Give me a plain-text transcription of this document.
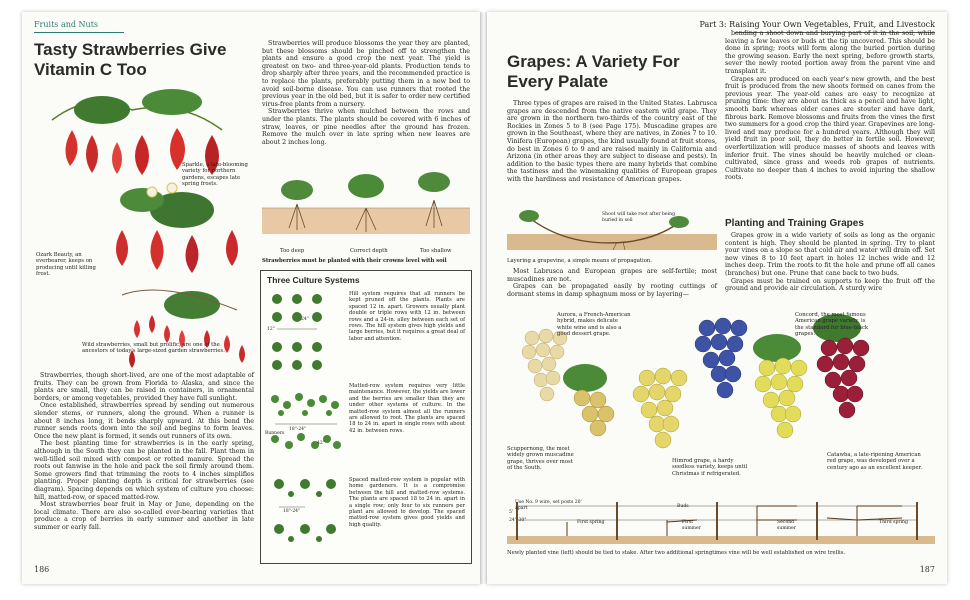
Fruits and Nuts
Tasty Strawberries Give Vitamin C Too
Sparkle, a late-blooming variety for northern gardens, escapes late spring frosts.
Ozark Beauty, an everbearer, keeps on producing until killing frost.
Wild strawberries, small but prolific, are one of the ancestors of today's large-sized garden strawberries.

Strawberries, though short-lived, are one of the most adaptable of fruits. They can be grown from Florida to Alaska, and since the plants are small, they can be raised in containers, in ornamental borders, or among vegetables, provided they have full sunlight.

Once established, strawberries spread by sending out numerous slender stems, or runners, along the ground. When a runner is about 8 inches long, it bends sharply upward. At this bend the runner sends roots down into the soil and begins to form leaves. Once the new plant is formed, it sends out runners of its own.

The best planting time for strawberries is in the early spring, although in the South they can be planted in the fall. Plant them in well-tilled soil mixed with compost or rotted manure. Spread the roots out fanwise in the hole and pack the soil firmly around them. Some growers find that trimming the roots to 4 inches simplifies planting. Proper planting depth is critical for strawberries (see diagram). Spacing depends on which system of culture you choose: hill, matted-row, or spaced matted-row.

Most strawberries bear fruit in May or June, depending on the local climate. There are also so-called ever-bearing varieties that produce a crop of berries in early summer and another in late summer or early fall.

Strawberries will produce blossoms the year they are planted, but these blossoms should be pinched off to strengthen the plants and ensure a good crop the next year. The yield is greatest on two- and three-year-old plants. Production tends to drop sharply after three years, and the recommended practice is to replace the plants, preferably putting them in a new bed to avoid soil-borne disease. You can use runners that rooted the previous year in the old bed, but it is safer to order new certified virus-free plants from a nursery.

Strawberries thrive when mulched between the rows and under the plants. The plants should be covered with 6 inches of straw, leaves, or pine needles after the ground has frozen. Remove the mulch over in late spring when new leaves are about 2 inches long.

Too deep	Correct depth	Too shallow
Strawberries must be planted with their crowns level with soil
Three Culture Systems
12"
24"
18"-24"
42"
18"-24"
Runners

Hill system requires that all runners be kept pruned off the plants. Plants are spaced 12 in. apart. Growers usually plant double or triple rows with 12 in. between rows and a 24-in. alley between each set of rows. The hill system gives high yields and large berries, but it requires a great deal of labor and attention.

Matted-row system requires very little maintenance. However, the yields are lower and the berries are smaller than they are under other systems of culture. In the matted-row system almost all the runners are allowed to root. The plants are spaced 18 to 24 in. apart in single rows with about 42 in. between rows.

Spaced matted-row system is popular with home gardeners. It is a compromise between the hill and matted-row systems. The plants are spaced 18 to 24 in. apart in a single row; only four to six runners per plant are allowed to develop. The spaced matted-row system gives good yields and high quality.

186
Part 3: Raising Your Own Vegetables, Fruit, and Livestock
Grapes: A Variety For Every Palate

Three types of grapes are raised in the United States. Labrusca grapes are descended from the native eastern wild grape. They are grown in the northern two-thirds of the country east of the Rockies in Zones 5 to 8 (see Page 175). Muscadine grapes are grown in the Southeast, where they are natives, in Zones 7 to 10. Vinifera (European) grapes, the kind usually found at fruit stores, do best in Zones 6 to 9 and are raised mainly in California and Arizona (in other areas they are subject to disease and pests). In addition to the basic types there are many hybrids that combine the tastiness and the winemaking qualities of European grapes with the hardiness and resistance of American grapes.

Shoot will take root after being buried in soil
Layering a grapevine, a simple means of propagation.

Most Labrusca and European grapes are self-fertile; most muscadines are not.

Grapes can be propagated easily by rooting cuttings of dormant stems in damp sphagnum moss or by layering—

bending a shoot down and burying part of it in the soil, while leaving a few leaves or buds at the tip uncovered. This should be done in spring; roots will form along the buried portion during the growing season. Early the next spring, before growth starts, sever the newly rooted portion away from the parent vine and transplant it.

Grapes are produced on each year's new growth, and the best fruit is produced from the new shoots formed on canes from the previous year. The year-old canes are easy to recognize at pruning time: they are about as thick as a pencil and have light, smooth bark whereas older canes are stouter and have dark, fibrous bark. Remove blossoms and fruits from the vines the first two summers for a good crop the third year. Grapevines are long-lived and may produce for a hundred years. Although they will yield fruit in poor soil, they do better in fertile soil. However, overfertilization will produce masses of shoots and leaves with inferior fruit. The vines should be heavily mulched or clean-cultivated, since grass and weeds rob grapes of nutrients. Cultivate no deeper than 4 inches to avoid injuring the shallow roots.

Planting and Training Grapes

Grapes grow in a wide variety of soils as long as the organic content is high. They should be planted in spring. Try to plant your vines on a slope so that cold air and water will drain off. Set new vines 8 to 10 feet apart in holes 12 inches wide and 12 inches deep. Trim the roots to fit the hole and prune off all canes (branches) but one. Prune that cane back to two buds.

Grapes must be trained on supports to keep the fruit off the ground and provide air circulation. A sturdy wire

Aurora, a French-American hybrid, makes delicate white wine and is also a good dessert grape.
Concord, the most famous American grape variety, is the standard for blue-black grapes.
Scuppernong, the most widely grown muscadine grape, thrives over most of the South.
Himrod grape, a hardy seedless variety, keeps until Christmas if refrigerated.
Catawba, a late-ripening American red grape, was developed over a century ago as an excellent keeper.
Use No. 9 wire, set posts 20' apart
24"-30"
5'
Buds
First spring	First summer
Second summer
Third spring
Newly planted vine (left) should be tied to stake. After two additional springtimes vine will be well established on wire trellis.
187
